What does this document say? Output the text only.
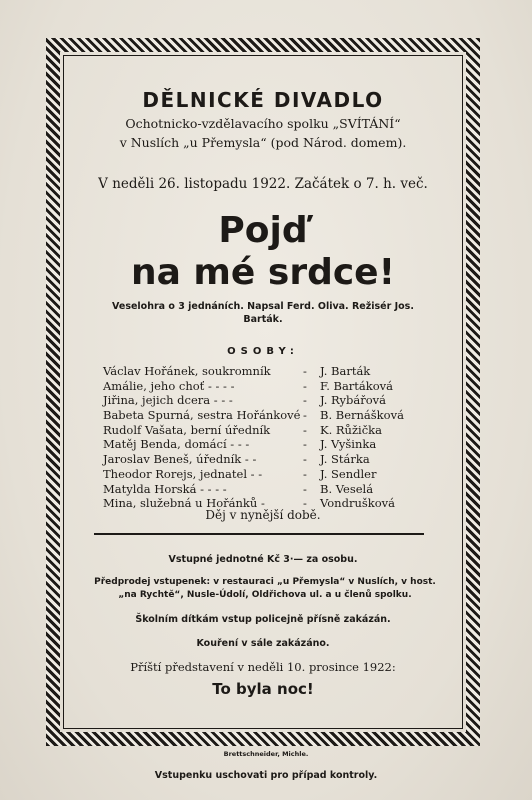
DĚLNICKÉ DIVADLO
Ochotnicko-vzdělavacího spolku „SVÍTÁNÍ“
v Nuslích „u Přemysla“ (pod Národ. domem).
V neděli 26. listopadu 1922. Začátek o 7. h. več.
Pojď
na mé srdce!
Veselohra o 3 jednáních. Napsal Ferd. Oliva. Režisér Jos. Barták.
OSOBY:
Václav Hořánek, soukromník	- J. Barták
Amálie, jeho choť - - - -	- F. Bartáková
Jiřina, jejich dcera - - -	- J. Rybářová
Babeta Spurná, sestra Hořánkové - B. Bernášková
Rudolf Vašata, berní úředník	- K. Růžička
Matěj Benda, domácí - - -	- J. Vyšinka
Jaroslav Beneš, úředník - -	- J. Stárka
Theodor Rorejs, jednatel - -	- J. Sendler
Matylda Horská - - - -	- B. Veselá
Mina, služebná u Hořánků -	- Vondrušková
Děj v nynější době.
Vstupné jednotné Kč 3·— za osobu.
Předprodej vstupenek: v restauraci „u Přemysla“ v Nuslích, v host. „na Rychtě“, Nusle-Údolí, Oldřichova ul. a u členů spolku.
Školním dítkám vstup policejně přísně zakázán.
Kouření v sále zakázáno.
Příští představení v neděli 10. prosince 1922:
To byla noc!
Brettschneider, Michle.
Vstupenku uschovati pro případ kontroly.
